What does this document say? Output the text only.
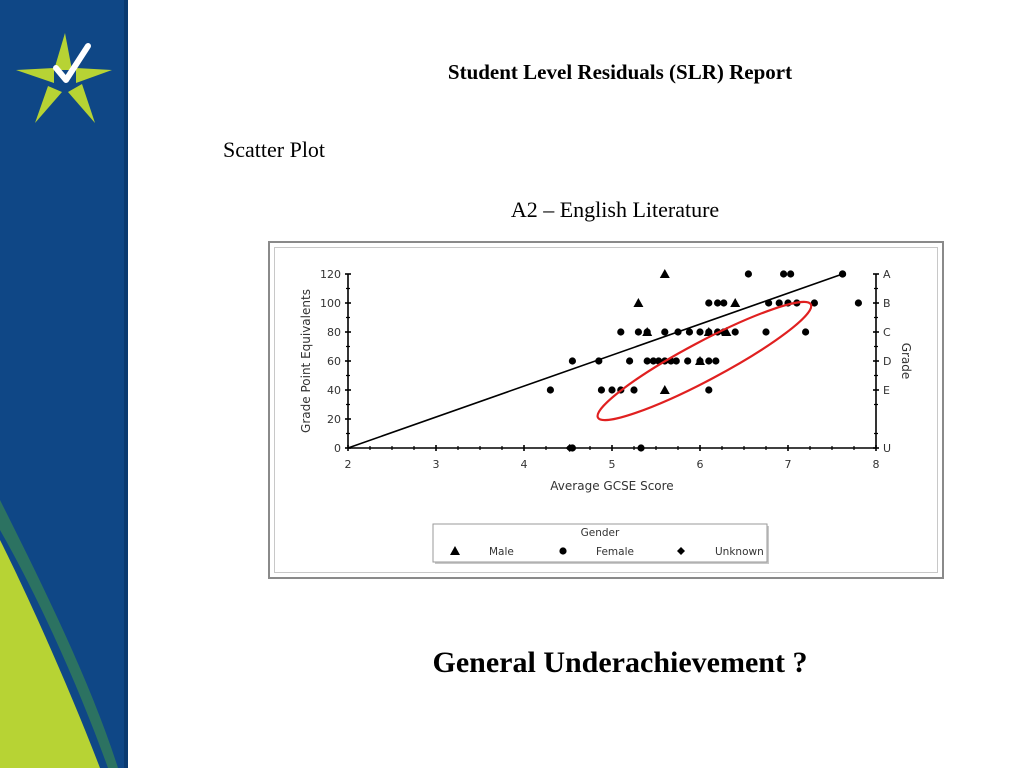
Student Level Residuals (SLR) Report
Scatter Plot
A2 – English Literature
2	3	4	5	6	7	8
0
20
40
60
80
100
120
U
E
D
C
B
A
Average GCSE Score
Grade Point Equivalents	Grade
Gender
Male	Female	Unknown
General Underachievement ?
